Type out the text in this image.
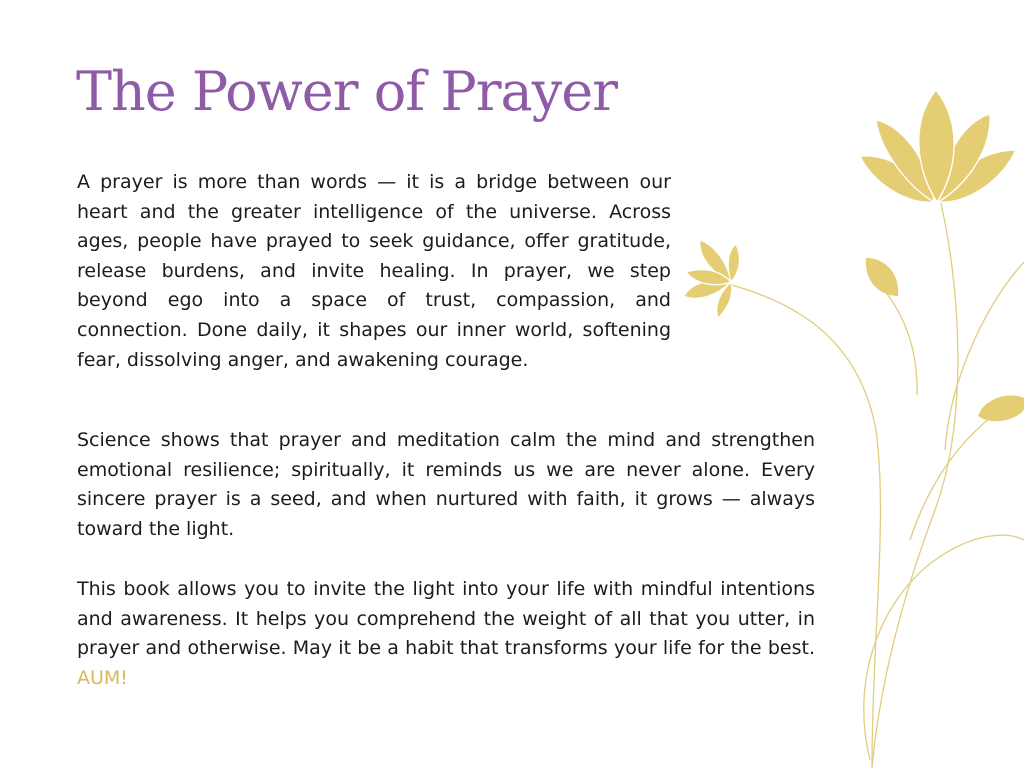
The Power of Prayer

A prayer is more than words — it is a bridge between our heart and the greater intelligence of the universe. Across ages, people have prayed to seek guidance, offer gratitude, release burdens, and invite healing. In prayer, we step beyond ego into a space of trust, compassion, and connection. Done daily, it shapes our inner world, softening fear, dissolving anger, and awakening courage.

Science shows that prayer and meditation calm the mind and strengthen emotional resilience; spiritually, it reminds us we are never alone. Every sincere prayer is a seed, and when nurtured with faith, it grows — always toward the light.

This book allows you to invite the light into your life with mindful intentions and awareness. It helps you comprehend the weight of all that you utter, in prayer and otherwise. May it be a habit that transforms your life for the best. AUM!
